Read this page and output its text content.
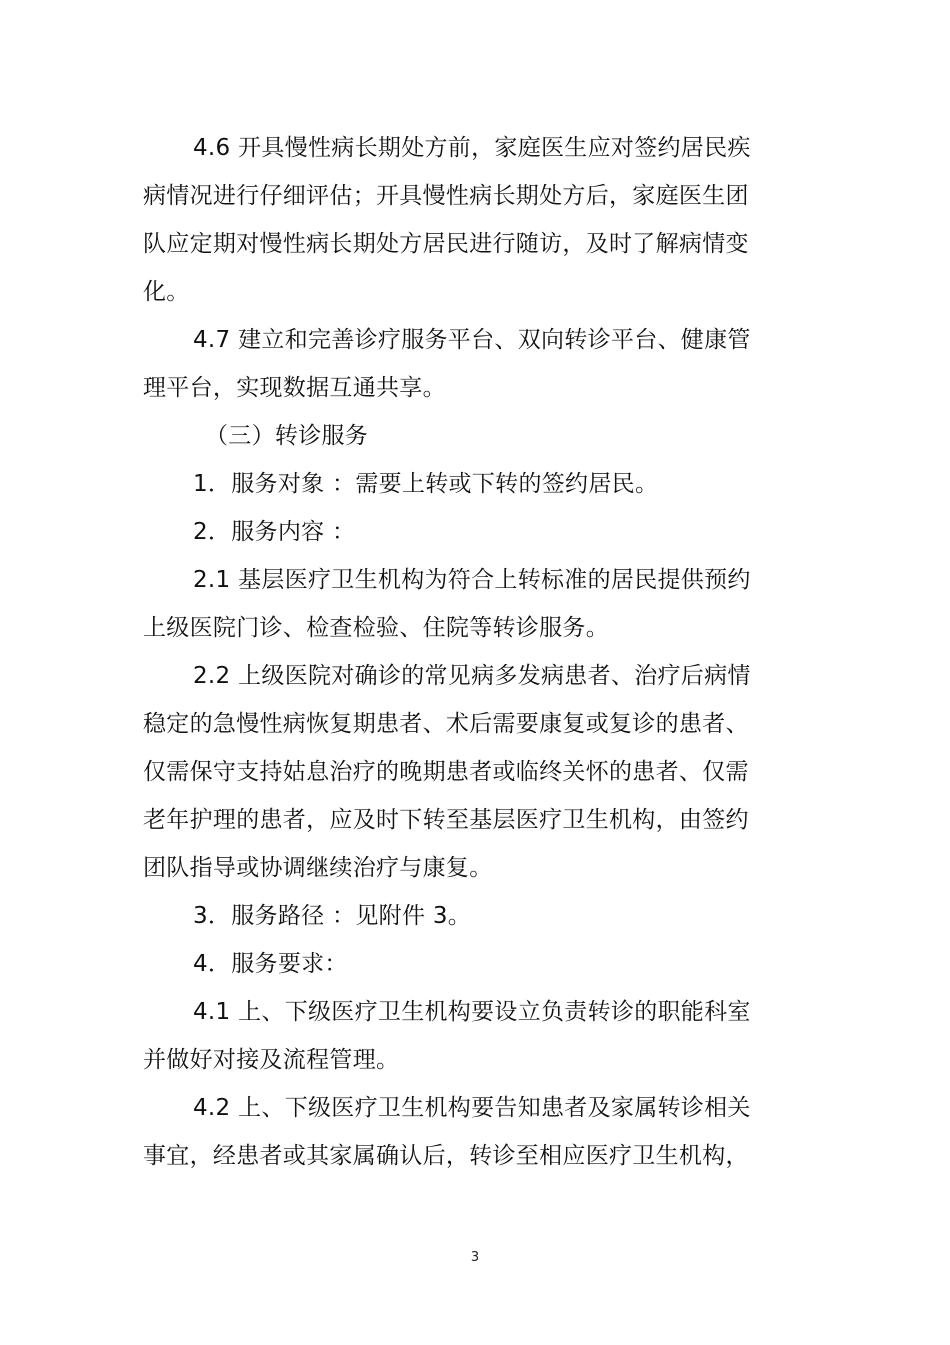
4.6 开具慢性病长期处方前，家庭医生应对签约居民疾
病情况进行仔细评估；开具慢性病长期处方后，家庭医生团
队应定期对慢性病长期处方居民进行随访，及时了解病情变
化。
4.7 建立和完善诊疗服务平台、双向转诊平台、健康管
理平台，实现数据互通共享。
（三）转诊服务
1．服务对象 ：需要上转或下转的签约居民。
2．服务内容 ：
2.1 基层医疗卫生机构为符合上转标准的居民提供预约
上级医院门诊、检查检验、住院等转诊服务。
2.2 上级医院对确诊的常见病多发病患者、治疗后病情
稳定的急慢性病恢复期患者、术后需要康复或复诊的患者、
仅需保守支持姑息治疗的晚期患者或临终关怀的患者、仅需
老年护理的患者，应及时下转至基层医疗卫生机构，由签约
团队指导或协调继续治疗与康复。
3．服务路径 ：见附件 3。
4．服务要求：
4.1 上、下级医疗卫生机构要设立负责转诊的职能科室
并做好对接及流程管理。
4.2 上、下级医疗卫生机构要告知患者及家属转诊相关
事宜，经患者或其家属确认后，转诊至相应医疗卫生机构，
3
